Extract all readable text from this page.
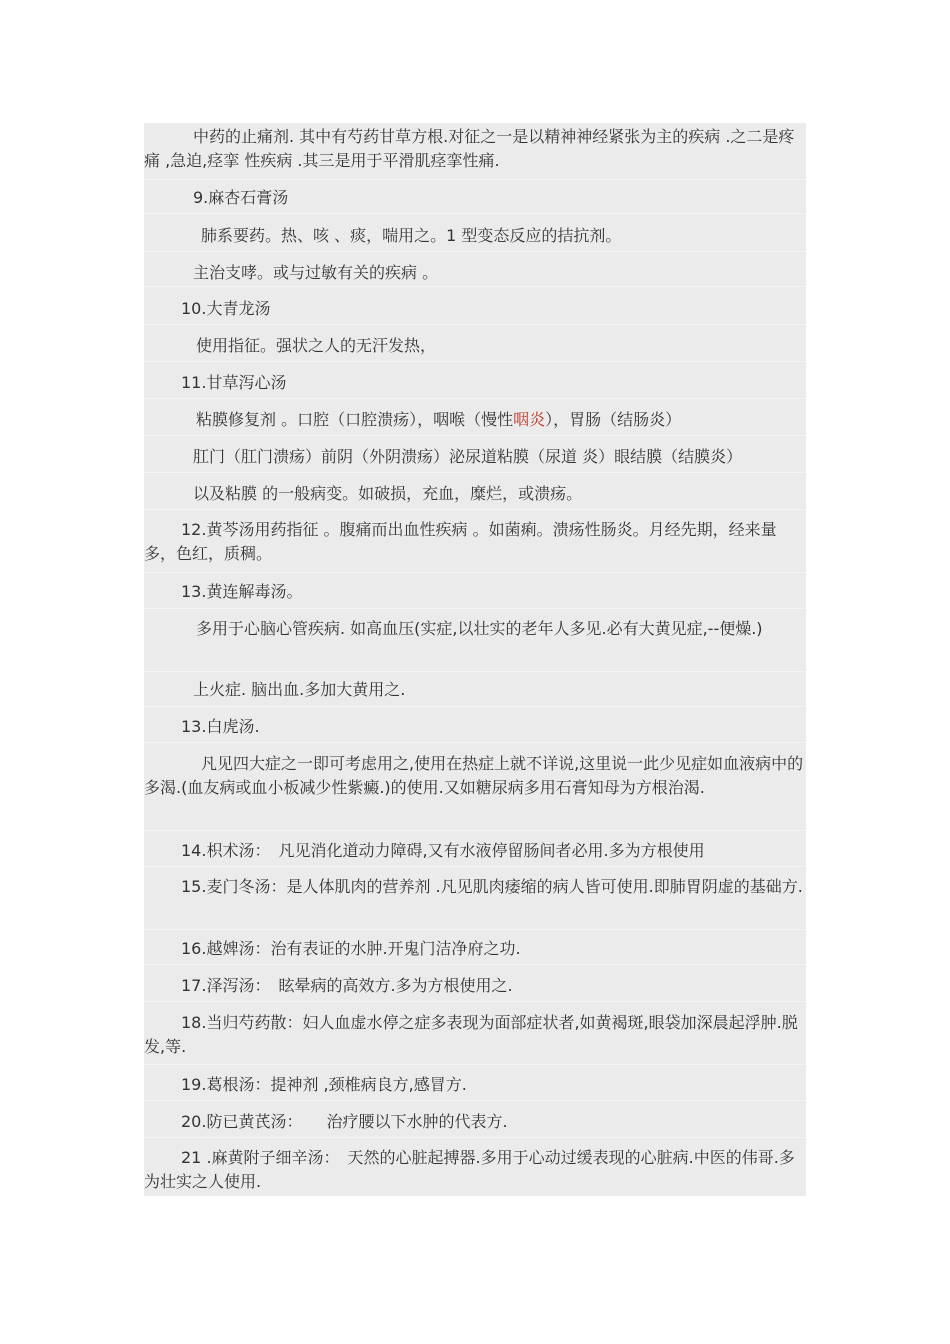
中药的止痛剂. 其中有芍药甘草方根.对征之一是以精神神经紧张为主的疾病 .之二是疼痛 ,急迫,痉挛 性疾病 .其三是用于平滑肌痉挛性痛.
9.麻杏石膏汤
肺系要药。热、咳 、痰，喘用之。1 型变态反应的拮抗剂。
主治支哮。或与过敏有关的疾病 。
10.大青龙汤
使用指征。强状之人的无汗发热，
11.甘草泻心汤
粘膜修复剂 。口腔（口腔溃疡），咽喉（慢性咽炎），胃肠（结肠炎）
肛门（肛门溃疡）前阴（外阴溃疡）泌尿道粘膜（尿道 炎）眼结膜（结膜炎）
以及粘膜 的一般病变。如破损，充血，糜烂，或溃疡。
12.黄芩汤用药指征 。腹痛而出血性疾病 。如菌痢。溃疡性肠炎。月经先期，经来量多，色红，质稠。
13.黄连解毒汤。
多用于心脑心管疾病. 如高血压(实症,以壮实的老年人多见.必有大黄见症,--便燥.)
上火症. 脑出血.多加大黄用之.
13.白虎汤.
凡见四大症之一即可考虑用之,使用在热症上就不详说,这里说一此少见症如血液病中的多渴.(血友病或血小板减少性紫癜.)的使用.又如糖尿病多用石膏知母为方根治渴.
14.枳术汤：　凡见消化道动力障碍,又有水液停留肠间者必用.多为方根使用
15.麦门冬汤：是人体肌肉的营养剂 .凡见肌肉痿缩的病人皆可使用.即肺胃阴虚的基础方.
16.越婢汤：治有表证的水肿.开鬼门洁净府之功.
17.泽泻汤：　眩晕病的高效方.多为方根使用之.
18.当归芍药散：妇人血虚水停之症多表现为面部症状者,如黄褐斑,眼袋加深晨起浮肿.脱发,等.
19.葛根汤：提神剂 ,颈椎病良方,感冒方.
20.防已黄芪汤：　　治疗腰以下水肿的代表方.
21 .麻黄附子细辛汤：　天然的心脏起搏器.多用于心动过缓表现的心脏病.中医的伟哥.多为壮实之人使用.
